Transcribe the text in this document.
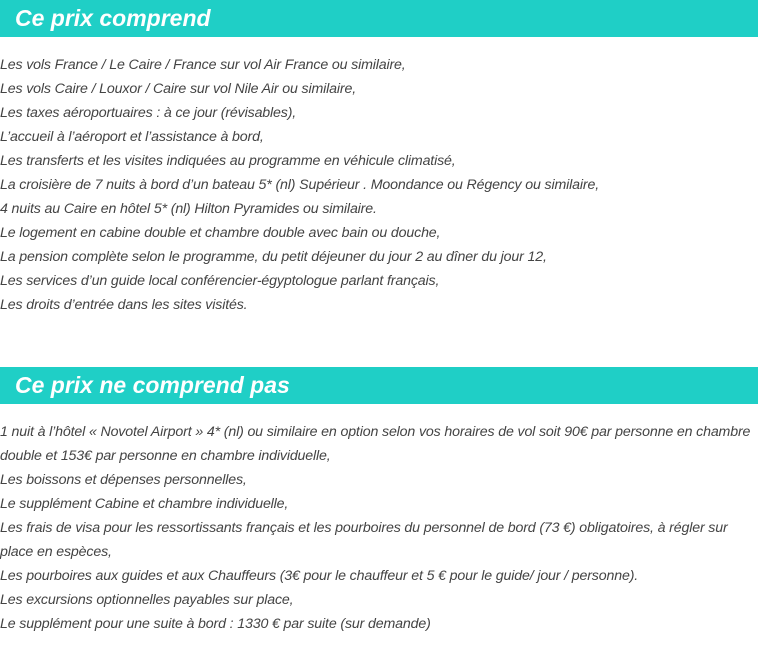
Ce prix comprend
Les vols France / Le Caire / France sur vol Air France ou similaire,
Les vols Caire / Louxor / Caire sur vol Nile Air ou similaire,
Les taxes aéroportuaires : à ce jour (révisables),
L’accueil à l’aéroport et l’assistance à bord,
Les transferts et les visites indiquées au programme en véhicule climatisé,
La croisière de 7 nuits à bord d’un bateau 5* (nl) Supérieur . Moondance ou Régency ou similaire,
4 nuits au Caire en hôtel 5* (nl) Hilton Pyramides ou similaire.
Le logement en cabine double et chambre double avec bain ou douche,
La pension complète selon le programme, du petit déjeuner du jour 2 au dîner du jour 12,
Les services d’un guide local conférencier-égyptologue parlant français,
Les droits d’entrée dans les sites visités.
Ce prix ne comprend pas
1 nuit à l’hôtel « Novotel Airport » 4* (nl) ou similaire en option selon vos horaires de vol soit 90€ par personne en chambre double et 153€ par personne en chambre individuelle,
Les boissons et dépenses personnelles,
Le supplément Cabine et chambre individuelle,
Les frais de visa pour les ressortissants français et les pourboires du personnel de bord (73 €) obligatoires, à régler sur place en espèces,
Les pourboires aux guides et aux Chauffeurs (3€ pour le chauffeur et 5 € pour le guide/ jour / personne).
Les excursions optionnelles payables sur place,
Le supplément pour une suite à bord : 1330 € par suite (sur demande)
